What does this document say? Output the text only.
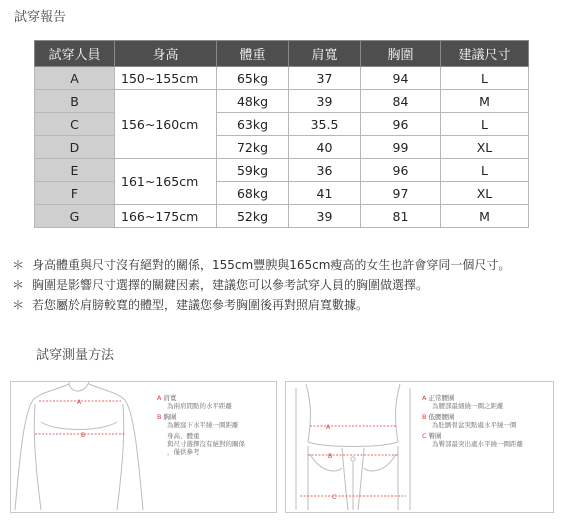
試穿報告
試穿人員	身高	體重	肩寬	胸圍	建議尺寸
A	150~155cm	65kg	37	94	L
B	156~160cm	48kg	39	84	M
C		63kg	35.5	96	L
D		72kg	40	99	XL
E	161~165cm	59kg	36	96	L
F		68kg	41	97	XL
G	166~175cm	52kg	39	81	M
＊ 身高體重與尺寸沒有絕對的關係，155cm豐腴與165cm瘦高的女生也許會穿同一個尺寸。
＊ 胸圍是影響尺寸選擇的關鍵因素，建議您可以參考試穿人員的胸圍做選擇。
＊ 若您屬於肩膀較寬的體型，建議您參考胸圍後再對照肩寬數據。
試穿測量方法
A
B
A 肩寬
為兩肩間點的水平距離
B 胸圍
為腋窩下水平繞一圈距離
身高、體重
與尺寸選擇沒有絕對的關係
，僅供參考
A
B
C
A 正常腰圍
為腰部最細繞一圈之距離
B 低腰腰圍
為肚臍骨盆突點處水平繞一圈
C 臀圍
為臀部最突出處水平繞一圈距離
